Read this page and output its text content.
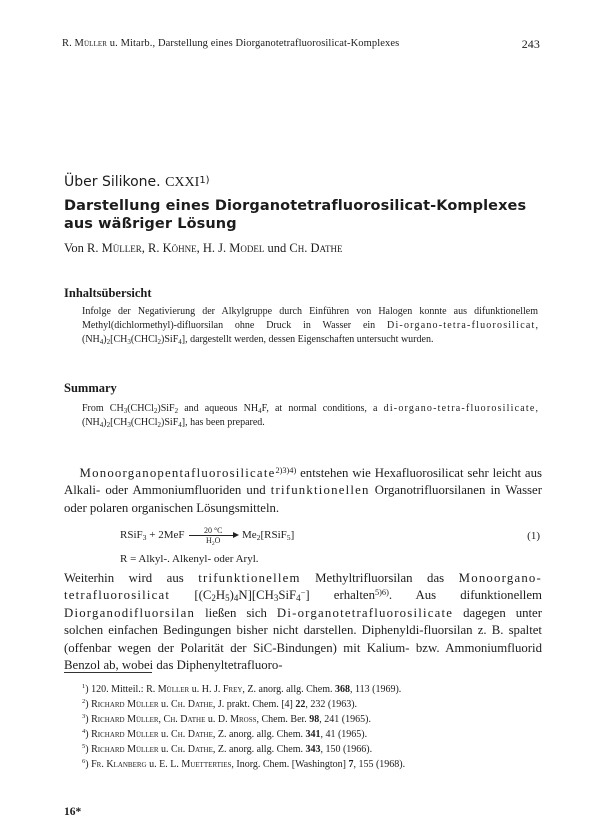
R. Müller u. Mitarb., Darstellung eines Diorganotetrafluorosilicat-Komplexes	243
Über Silikone. CXXI$^{1)}$
Darstellung eines Diorganotetrafluorosilicat-Komplexes aus wäßriger Lösung
Von R. Müller, R. Köhne, H. J. Model und Ch. Dathe
Inhaltsübersicht
Infolge der Negativierung der Alkylgruppe durch Einführen von Halogen konnte aus difunktionellem Methyl(dichlormethyl)-difluorsilan ohne Druck in Wasser ein Di-organo-tetra-fluorosilicat, $(NH_4)_2[CH_3(CHCl_2)SiF_4]$, dargestellt werden, dessen Eigenschaften untersucht wurden.
Summary
From $CH_3(CHCl_2)SiF_2$ and aqueous $NH_4F$, at normal conditions, a di-organo-tetra-fluorosilicate, $(NH_4)_2[CH_3(CHCl_2)SiF_4]$, has been prepared.
Monoorganopentafluorosilicate$^{2)3)4)}$ entstehen wie Hexafluorosilicat sehr leicht aus Alkali- oder Ammoniumfluoriden und trifunktionellen Organotrifluorsilanen in Wasser oder polaren organischen Lösungsmitteln.
RSiF$_3$ + $2MeF \frac{20 ^\circ C}{H_2O}$ $Me_2[RSiF_5]$	(1)
R = Alkyl-. Alkenyl- oder Aryl.
Weiterhin wird aus trifunktionellem Methyltrifluorsilan das Monoorgano-tetrafluorosilicat $[(C_2H_5)_4N][CH_3SiF_4^-]$ erhalten$^{5)6)}$. Aus difunktionellem Diorganodifluorsilan ließen sich Di-organotetrafluorosilicate dagegen unter solchen einfachen Bedingungen bisher nicht darstellen. Diphenyldi-fluorsilan z. B. spaltet (offenbar wegen der Polarität der SiC-Bindungen) mit Kalium- bzw. Ammoniumfluorid Benzol ab, wobei das Diphenyltetrafluoro-
$^1$) 120. Mitteil.: R. Müller u. H. J. Frey, Z. anorg. allg. Chem. 368, 113 (1969).
$^2$) Richard Müller u. Ch. Dathe, J. prakt. Chem. [4] 22, 232 (1963).
$^3$) Richard Müller, Ch. Dathe u. D. Mross, Chem. Ber. 98, 241 (1965).
$^4$) Richard Müller u. Ch. Dathe, Z. anorg. allg. Chem. 341, 41 (1965).
$^5$) Richard Müller u. Ch. Dathe, Z. anorg. allg. Chem. 343, 150 (1966).
$^6$) Fr. Klanberg u. E. L. Muetterties, Inorg. Chem. [Washington] 7, 155 (1968).
16*
